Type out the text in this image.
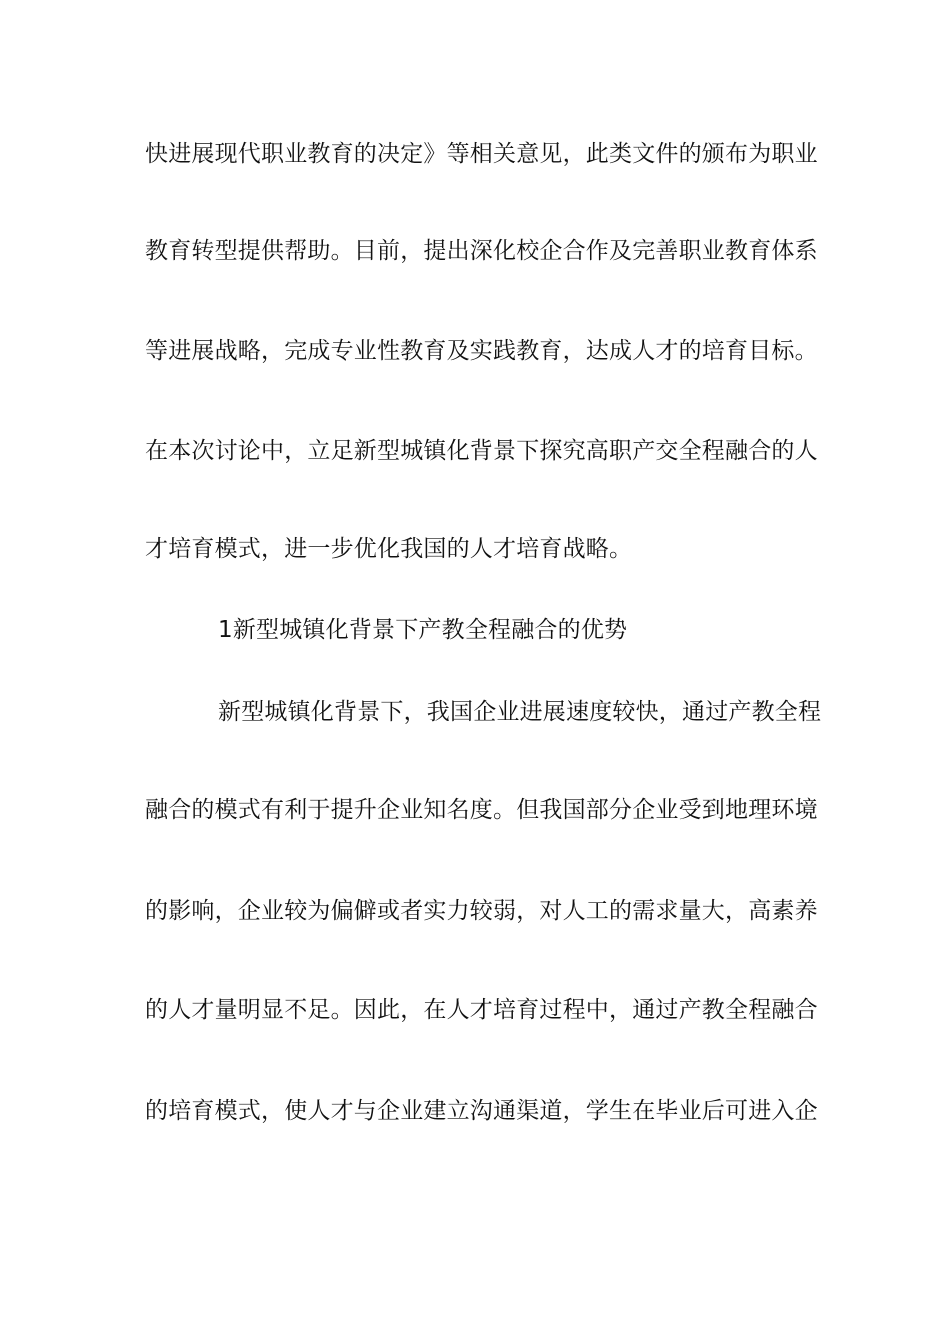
快进展现代职业教育的决定》等相关意见，此类文件的颁布为职业
教育转型提供帮助。目前，提出深化校企合作及完善职业教育体系
等进展战略，完成专业性教育及实践教育，达成人才的培育目标。
在本次讨论中，立足新型城镇化背景下探究高职产交全程融合的人
才培育模式，进一步优化我国的人才培育战略。
1新型城镇化背景下产教全程融合的优势
新型城镇化背景下，我国企业进展速度较快，通过产教全程
融合的模式有利于提升企业知名度。但我国部分企业受到地理环境
的影响，企业较为偏僻或者实力较弱，对人工的需求量大，高素养
的人才量明显不足。因此，在人才培育过程中，通过产教全程融合
的培育模式，使人才与企业建立沟通渠道，学生在毕业后可进入企
